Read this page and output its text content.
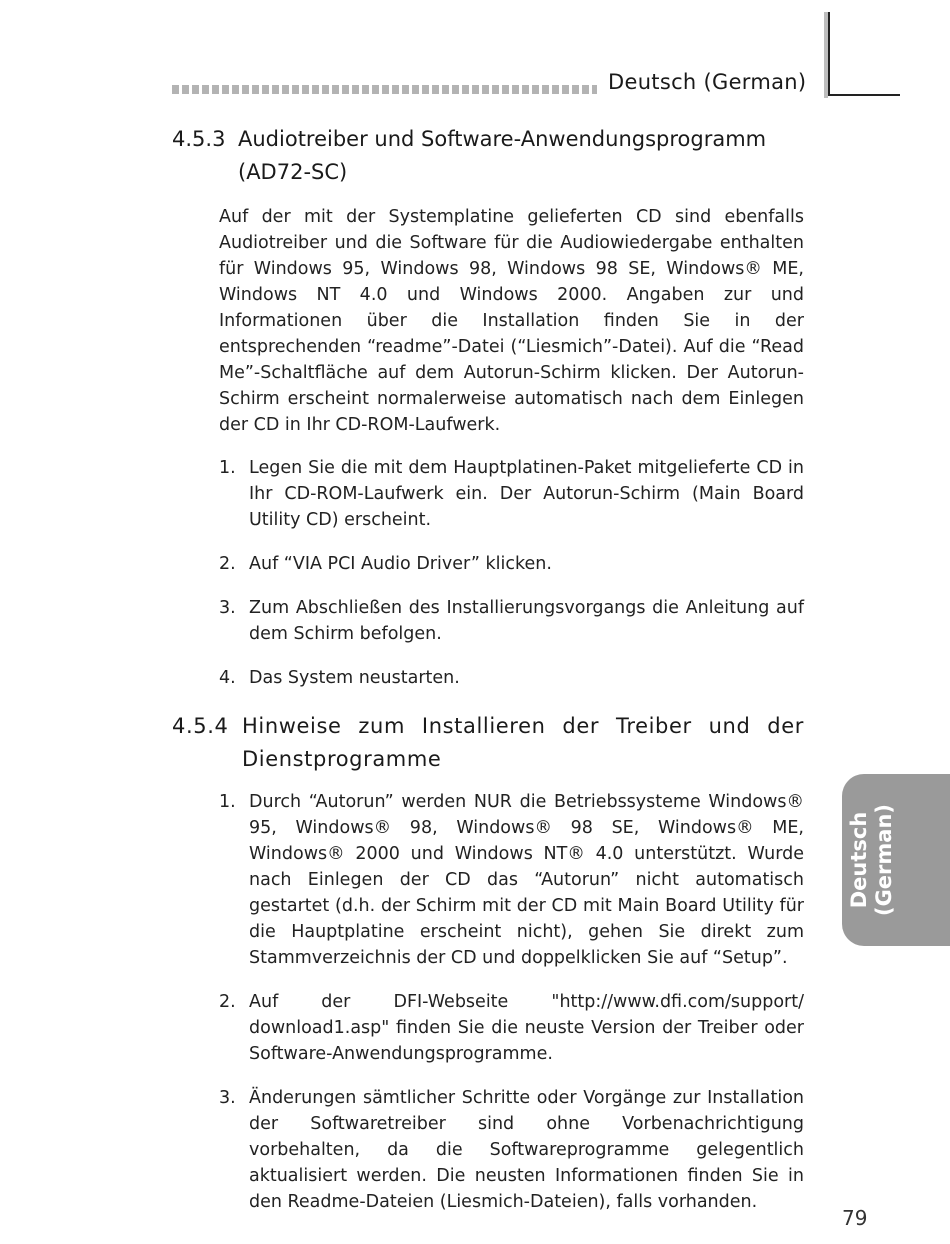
Deutsch (German)
Deutsch (German)
4.5.3 Audiotreiber und Software-Anwendungsprogramm
(AD72-SC)
Auf der mit der Systemplatine gelieferten CD sind ebenfalls Audiotreiber und die Software für die Audiowiedergabe enthalten für Windows 95, Windows 98, Windows 98 SE, Windows® ME, Windows NT 4.0 und Windows 2000. Angaben zur und Informationen über die Installation finden Sie in der entsprechenden “readme”-Datei (“Liesmich”-Datei). Auf die “Read Me”-Schaltfläche auf dem Autorun-Schirm klicken. Der Autorun-Schirm erscheint normalerweise automatisch nach dem Einlegen der CD in Ihr CD-ROM-Laufwerk.
1. Legen Sie die mit dem Hauptplatinen-Paket mitgelieferte CD in Ihr CD-ROM-Laufwerk ein. Der Autorun-Schirm (Main Board Utility CD) erscheint.
2. Auf “VIA PCI Audio Driver” klicken.
3. Zum Abschließen des Installierungsvorgangs die Anleitung auf dem Schirm befolgen.
4. Das System neustarten.
4.5.4 Hinweise zum Installieren der Treiber und der Dienstprogramme
1. Durch “Autorun” werden NUR die Betriebssysteme Windows® 95, Windows® 98, Windows® 98 SE, Windows® ME, Windows® 2000 und Windows NT® 4.0 unterstützt. Wurde nach Einlegen der CD das “Autorun” nicht automatisch gestartet (d.h. der Schirm mit der CD mit Main Board Utility für die Hauptplatine erscheint nicht), gehen Sie direkt zum Stammverzeichnis der CD und doppelklicken Sie auf “Setup”.
2. Auf der DFI-Webseite "http://www.dfi.com/support/ download1.asp" finden Sie die neuste Version der Treiber oder Software-Anwendungsprogramme.
3. Änderungen sämtlicher Schritte oder Vorgänge zur Installation der Softwaretreiber sind ohne Vorbenachrichtigung vorbehalten, da die Softwareprogramme gelegentlich aktualisiert werden. Die neusten Informationen finden Sie in den Readme-Dateien (Liesmich-Dateien), falls vorhanden.
79
